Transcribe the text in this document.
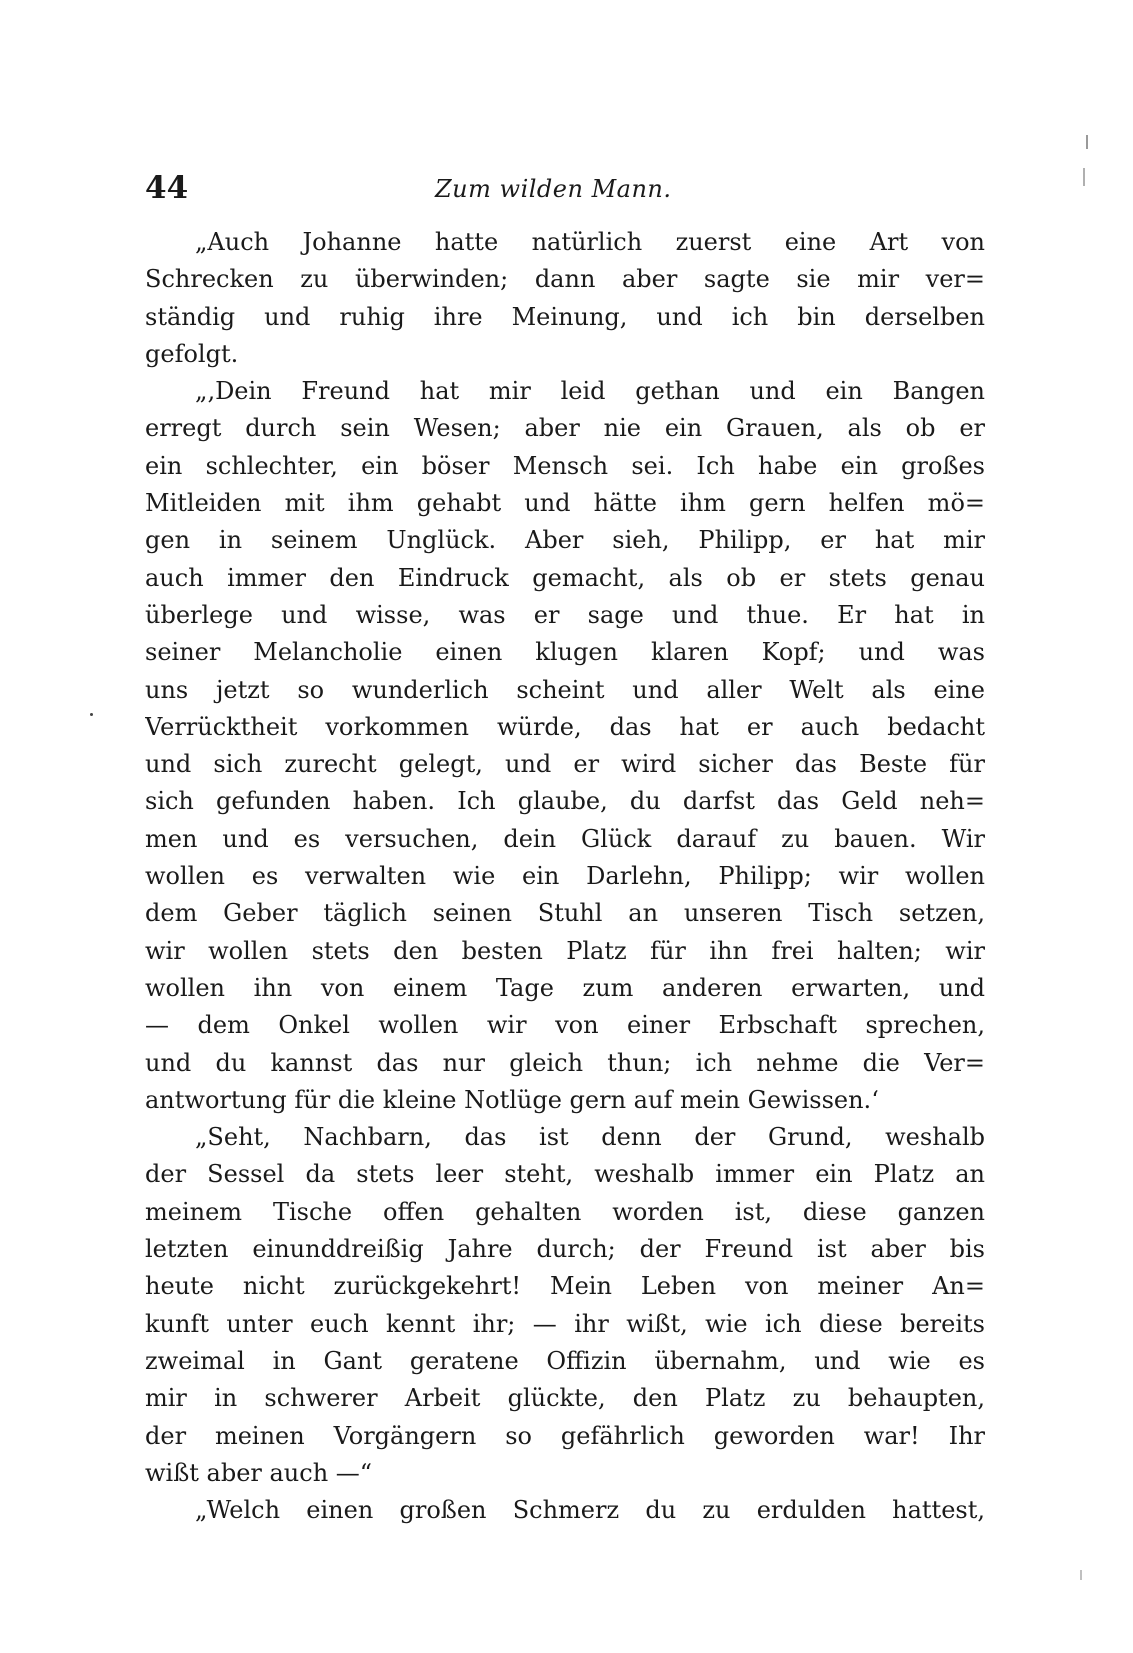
44	Zum wilden Mann.
„Auch Johanne hatte natürlich zuerst eine Art von
Schrecken zu überwinden; dann aber sagte sie mir ver=
ständig und ruhig ihre Meinung, und ich bin derselben
gefolgt.
„‚Dein Freund hat mir leid gethan und ein Bangen
erregt durch sein Wesen; aber nie ein Grauen, als ob er
ein schlechter, ein böser Mensch sei. Ich habe ein großes
Mitleiden mit ihm gehabt und hätte ihm gern helfen mö=
gen in seinem Unglück. Aber sieh, Philipp, er hat mir
auch immer den Eindruck gemacht, als ob er stets genau
überlege und wisse, was er sage und thue. Er hat in
seiner Melancholie einen klugen klaren Kopf; und was
uns jetzt so wunderlich scheint und aller Welt als eine
Verrücktheit vorkommen würde, das hat er auch bedacht
und sich zurecht gelegt, und er wird sicher das Beste für
sich gefunden haben. Ich glaube, du darfst das Geld neh=
men und es versuchen, dein Glück darauf zu bauen. Wir
wollen es verwalten wie ein Darlehn, Philipp; wir wollen
dem Geber täglich seinen Stuhl an unseren Tisch setzen,
wir wollen stets den besten Platz für ihn frei halten; wir
wollen ihn von einem Tage zum anderen erwarten, und
— dem Onkel wollen wir von einer Erbschaft sprechen,
und du kannst das nur gleich thun; ich nehme die Ver=
antwortung für die kleine Notlüge gern auf mein Gewissen.‘
„Seht, Nachbarn, das ist denn der Grund, weshalb
der Sessel da stets leer steht, weshalb immer ein Platz an
meinem Tische offen gehalten worden ist, diese ganzen
letzten einunddreißig Jahre durch; der Freund ist aber bis
heute nicht zurückgekehrt! Mein Leben von meiner An=
kunft unter euch kennt ihr; — ihr wißt, wie ich diese bereits
zweimal in Gant geratene Offizin übernahm, und wie es
mir in schwerer Arbeit glückte, den Platz zu behaupten,
der meinen Vorgängern so gefährlich geworden war! Ihr
wißt aber auch —“
„Welch einen großen Schmerz du zu erdulden hattest,
